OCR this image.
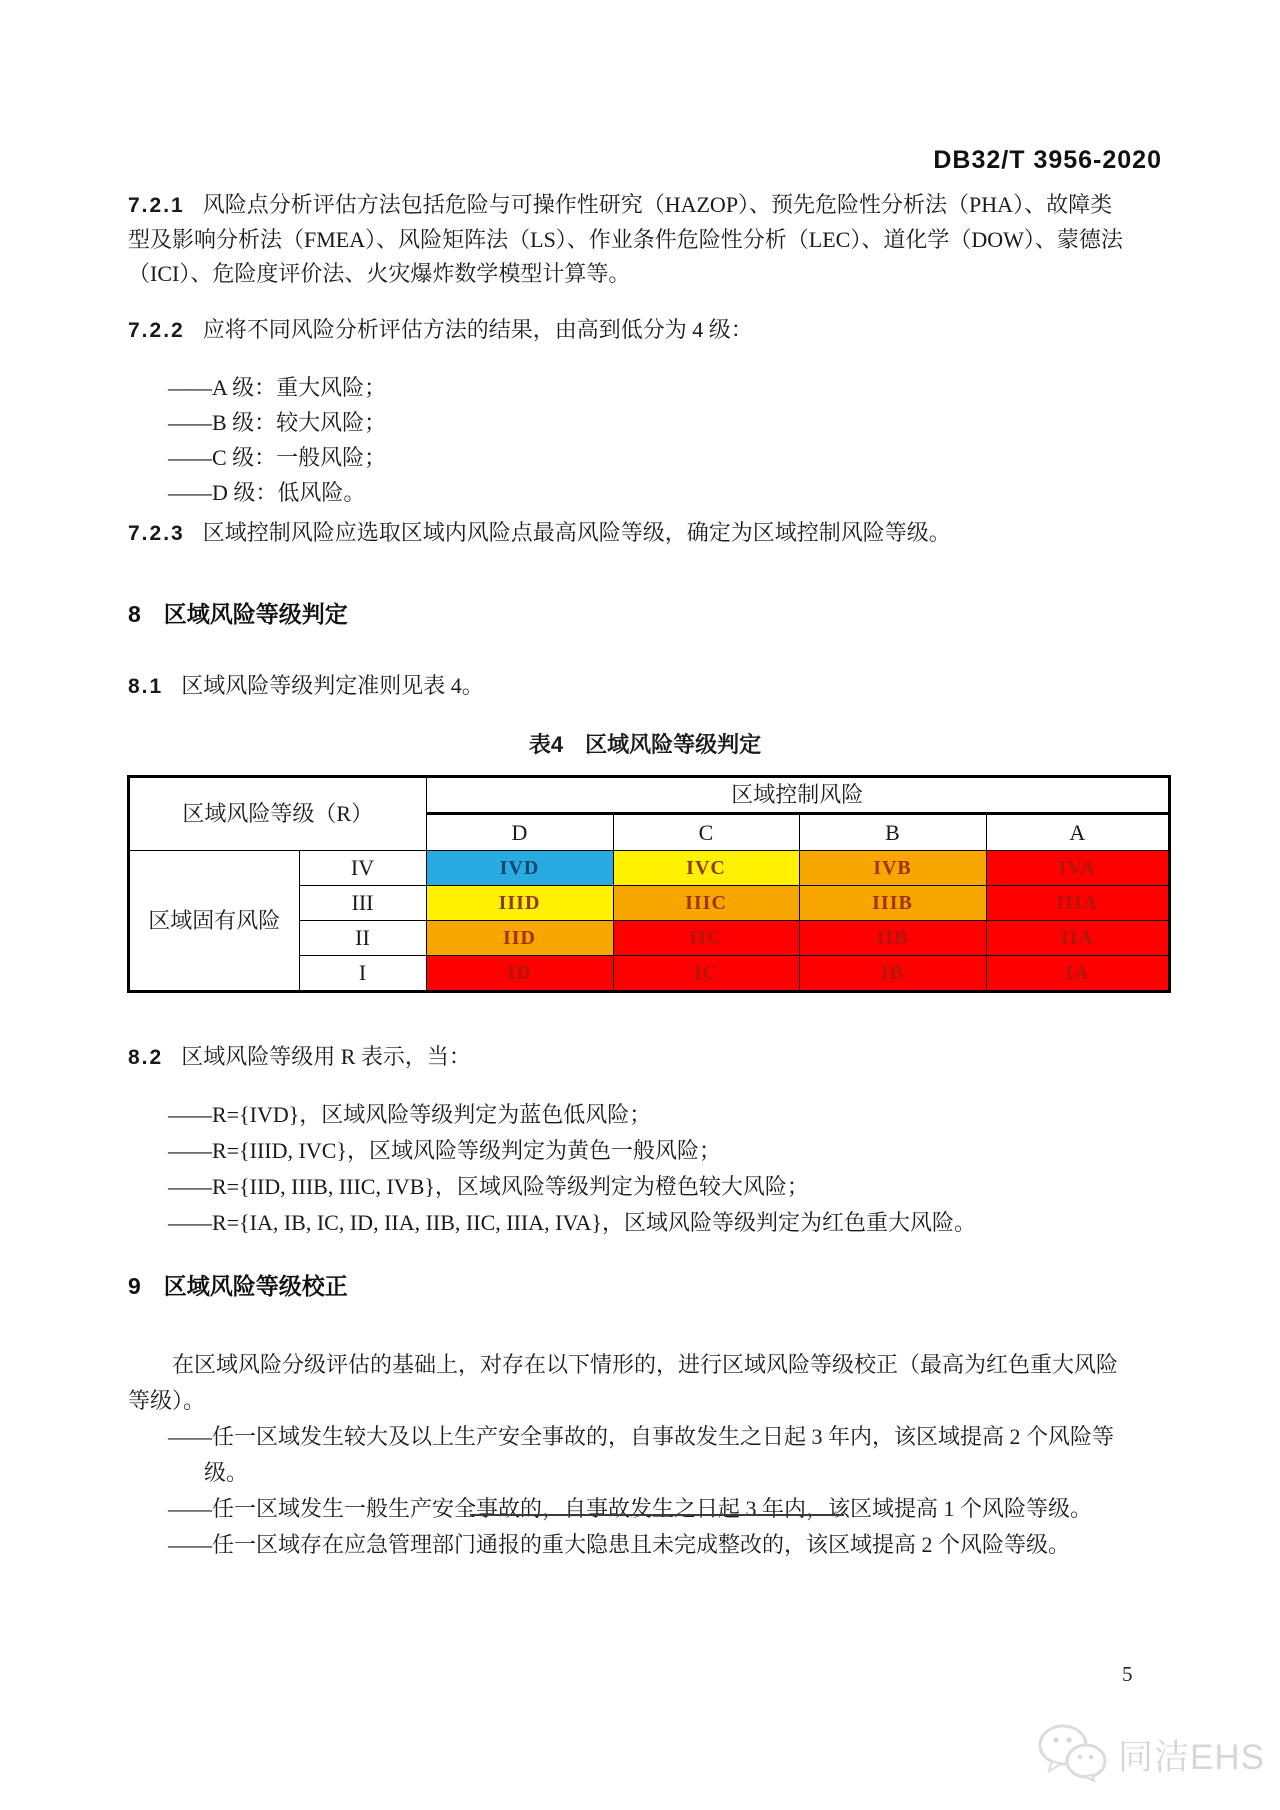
DB32/T 3956-2020

7.2.1 风险点分析评估方法包括危险与可操作性研究（HAZOP）、预先危险性分析法（PHA）、故障类
型及影响分析法（FMEA）、风险矩阵法（LS）、作业条件危险性分析（LEC）、道化学（DOW）、蒙德法
（ICI）、危险度评价法、火灾爆炸数学模型计算等。

7.2.2 应将不同风险分析评估方法的结果，由高到低分为 4 级：

——A 级：重大风险；
——B 级：较大风险；
——C 级：一般风险；
——D 级：低风险。

7.2.3 区域控制风险应选取区域内风险点最高风险等级，确定为区域控制风险等级。

8 区域风险等级判定

8.1 区域风险等级判定准则见表 4。

表4　区域风险等级判定

区域风险等级（R）		区域控制风险			
		D	C	B	A
区域固有风险	IV	IVD	IVC	IVB	IVA
	III	IIID	IIIC	IIIB	IIIA
	II	IID	IIC	IIB	IIA
	I	ID	IC	IB	IA

8.2 区域风险等级用 R 表示，当：

——R={IVD}，区域风险等级判定为蓝色低风险；
——R={IIID, IVC}，区域风险等级判定为黄色一般风险；
——R={IID, IIIB, IIIC, IVB}，区域风险等级判定为橙色较大风险；
——R={IA, IB, IC, ID, IIA, IIB, IIC, IIIA, IVA}，区域风险等级判定为红色重大风险。

9 区域风险等级校正

在区域风险分级评估的基础上，对存在以下情形的，进行区域风险等级校正（最高为红色重大风险
等级）。
——任一区域发生较大及以上生产安全事故的，自事故发生之日起 3 年内，该区域提高 2 个风险等
级。
——任一区域发生一般生产安全事故的，自事故发生之日起 3 年内，该区域提高 1 个风险等级。
——任一区域存在应急管理部门通报的重大隐患且未完成整改的，该区域提高 2 个风险等级。
5
同洁EHS
